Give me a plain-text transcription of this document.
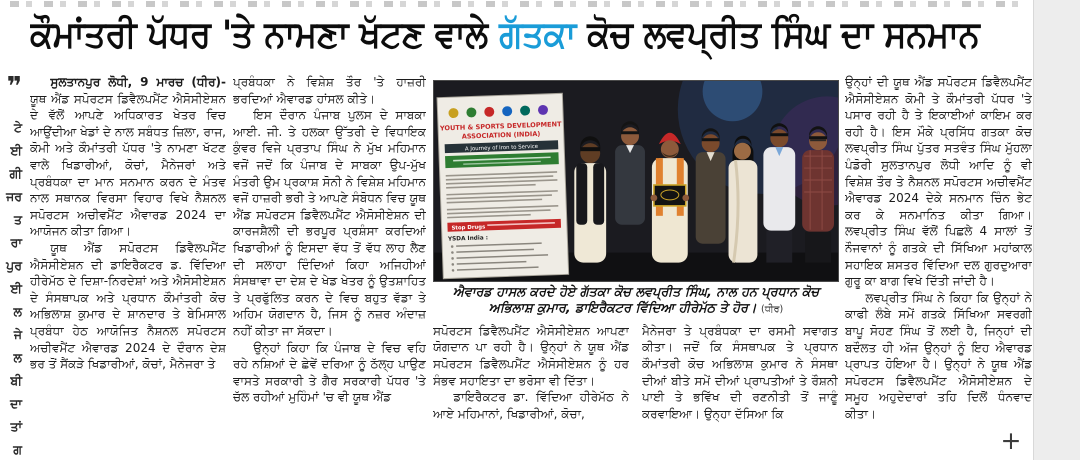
ਕੌਮਾਂਤਰੀ ਪੱਧਰ 'ਤੇ ਨਾਮਣਾ ਖੱਟਣ ਵਾਲੇ ਗੱਤਕਾ ਕੋਚ ਲਵਪ੍ਰੀਤ ਸਿੰਘ ਦਾ ਸਨਮਾਨ
❞
ਟੇ
ਈ
ਗੀ
ਜਰ
ਤ
ਰਾ
ਪੁਰ
ਈ
ਲ
ਜੇ
ਲ
ਬੀ
ਦਾ
ਤਾਂ
ਗ

ਸੁਲਤਾਨਪੁਰ ਲੋਧੀ, 9 ਮਾਰਚ (ਧੀਰ)- ਯੂਥ ਐਂਡ ਸਪੋਰਟਸ ਡਿਵੈਲਪਮੈਂਟ ਐਸੋਸੀਏਸ਼ਨ ਦੇ ਵੱਲੋਂ ਆਪਣੇ ਅਧਿਕਾਰਤ ਖੇਤਰ ਵਿਚ ਆਉਂਦੀਆ ਖੇਡਾਂ ਦੇ ਨਾਲ ਸਬੰਧਤ ਜ਼ਿਲਾ, ਰਾਜ, ਕੋਮੀ ਅਤੇ ਕੌਮਾਂਤਰੀ ਪੱਧਰ 'ਤੇ ਨਾਮਣਾ ਖੱਟਣ ਵਾਲੇ ਖਿਡਾਰੀਆਂ, ਕੋਚਾਂ, ਮੈਨੇਜਰਾਂ ਅਤੇ ਪ੍ਰਬੰਧਕਾ ਦਾ ਮਾਨ ਸਨਮਾਨ ਕਰਨ ਦੇ ਮੰਤਵ ਨਾਲ ਸਥਾਨਕ ਵਿਰਸਾ ਵਿਹਾਰ ਵਿਖੇ ਨੈਸ਼ਨਲ ਸਪੋਰਟਸ ਅਚੀਵਮੈਂਟ ਐਵਾਰਡ 2024 ਦਾ ਆਯੋਜਨ ਕੀਤਾ ਗਿਆ।

ਯੂਥ ਐਂਡ ਸਪੋਰਟਸ ਡਿਵੈਲਪਮੈਂਟ ਐਸੋਸੀਏਸ਼ਨ ਦੀ ਡਾਇਰੈਕਟਰ ਡ. ਵਿੱਦਿਆ ਹੀਰੇਮੱਠ ਦੇ ਦਿਸ਼ਾ-ਨਿਰਦੇਸ਼ਾਂ ਅਤੇ ਐਸੋਸੀਏਸ਼ਨ ਦੇ ਸੰਸਥਾਪਕ ਅਤੇ ਪ੍ਰਧਾਨ ਕੌਮਾਂਤਰੀ ਕੋਚ ਅਭਿਲਾਸ਼ ਕੁਮਾਰ ਦੇ ਸ਼ਾਨਦਾਰ ਤੇ ਬੇਮਿਸਾਲ ਪ੍ਰਬੰਧਾ ਹੇਠ ਆਯੋਜਿਤ ਨੈਸ਼ਨਲ ਸਪੋਰਟਸ ਅਚੀਵਮੈਂਟ ਐਵਾਰਡ 2024 ਦੇ ਦੌਰਾਨ ਦੇਸ਼ ਭਰ ਤੋਂ ਸੈਂਕੜੇ ਖਿਡਾਰੀਆਂ, ਕੋਚਾਂ, ਮੈਨੇਜਰਾ ਤੇ

ਪ੍ਰਬੰਧਕਾ ਨੇ ਵਿਸ਼ੇਸ਼ ਤੌਰ 'ਤੇ ਹਾਜ਼ਰੀ ਭਰਦਿਆਂ ਐਵਾਰਡ ਹਾਂਸਲ ਕੀਤੇ।

ਇਸ ਦੌਰਾਨ ਪੰਜਾਬ ਪੁਲਸ ਦੇ ਸਾਬਕਾ ਆਈ. ਜੀ. ਤੇ ਹਲਕਾ ਉੱਤਰੀ ਦੇ ਵਿਧਾਇਕ ਕੁੰਵਰ ਵਿਜੇ ਪ੍ਰਤਾਪ ਸਿੰਘ ਨੇ ਮੁੱਖ ਮਹਿਮਾਨ ਵਜੋਂ ਜਦੋਂ ਕਿ ਪੰਜਾਬ ਦੇ ਸਾਬਕਾ ਉਪ-ਮੁੱਖ ਮੰਤਰੀ ਉਮ ਪ੍ਰਕਾਸ਼ ਸੋਨੀ ਨੇ ਵਿਸ਼ੇਸ਼ ਮਹਿਮਾਨ ਵਜੋਂ ਹਾਜ਼ਰੀ ਭਰੀ ਤੇ ਆਪਣੇ ਸੰਬੋਧਨ ਵਿਚ ਯੂਥ ਐਂਡ ਸਪੋਰਟਸ ਡਿਵੈਲਪਮੈਂਟ ਐਸੋਸੀਏਸ਼ਨ ਦੀ ਕਾਰਜਸ਼ੈਲੀ ਦੀ ਭਰਪੂਰ ਪ੍ਰਸ਼ੰਸਾ ਕਰਦਿਆਂ ਖਿਡਾਰੀਆਂ ਨੂੰ ਇਸਦਾ ਵੱਧ ਤੋਂ ਵੱਧ ਲਾਹ ਲੈਣ ਦੀ ਸਲਾਹਾ ਦਿੰਦਿਆਂ ਕਿਹਾ ਅਜਿਹੀਆਂ ਸੰਸਥਾਵਾ ਦਾ ਦੇਸ਼ ਦੇ ਖੇਡ ਖੇਤਰ ਨੂੰ ਉਤਸ਼ਾਹਿਤ ਤੇ ਪ੍ਰਫੁੱਲਿਤ ਕਰਨ ਦੇ ਵਿਚ ਬਹੁਤ ਵੱਡਾ ਤੇ ਅਹਿਮ ਯੋਗਦਾਨ ਹੈ, ਜਿਸ ਨੂੰ ਨਜ਼ਰ ਅੰਦਾਜ਼ ਨਹੀਂ ਕੀਤਾ ਜਾ ਸੱਕਦਾ।

ਉਨ੍ਹਾਂ ਕਿਹਾ ਕਿ ਪੰਜਾਬ ਦੇ ਵਿਚ ਵਹਿ ਰਹੇ ਨਸ਼ਿਆਂ ਦੇ ਛੇਵੇਂ ਦਰਿਆ ਨੂੰ ਠੱਲ੍ਹ ਪਾਉਣ ਵਾਸਤੇ ਸਰਕਾਰੀ ਤੇ ਗੈਰ ਸਰਕਾਰੀ ਪੱਧਰ 'ਤੇ ਚੱਲ ਰਹੀਆਂ ਮੁਹਿੰਮਾਂ 'ਚ ਵੀ ਯੂਥ ਐਂਡ

YOUTH & SPORTS DEVELOPMENT
ASSOCIATION (INDIA)
A Journey of Iron to Service
Stop Drugs
YSDA India :
ਐਵਾਰਡ ਹਾਸਲ ਕਰਦੇ ਹੋਏ ਗੱਤਕਾ ਕੋਚ ਲਵਪ੍ਰੀਤ ਸਿੰਘ, ਨਾਲ ਹਨ ਪ੍ਰਧਾਨ ਕੋਚ ਅਭਿਲਾਸ਼ ਕੁਮਾਰ, ਡਾਇਰੈਕਟਰ ਵਿੱਦਿਆ ਹੀਰੇਮੱਠ ਤੇ ਹੋਰ। (ਧੀਰ)

ਸਪੋਰਟਸ ਡਿਵੈਲਪਮੈਂਟ ਐਸੋਸੀਏਸ਼ਨ ਆਪਣਾ ਯੋਗਦਾਨ ਪਾ ਰਹੀ ਹੈ। ਉਨ੍ਹਾਂ ਨੇ ਯੂਥ ਐਂਡ ਸਪੋਰਟਸ ਡਿਵੈਲਪਮੈਂਟ ਐਸੋਸੀਏਸ਼ਨ ਨੂੰ ਹਰ ਸੰਭਵ ਸਹਾਇਤਾ ਦਾ ਭਰੋਸਾ ਵੀ ਦਿੱਤਾ।

ਡਾਇਰੈਕਟਰ ਡਾ. ਵਿੱਦਿਆ ਹੀਰੇਮੱਠ ਨੇ ਆਏ ਮਹਿਮਾਨਾਂ, ਖਿਡਾਰੀਆਂ, ਕੋਚਾ,

ਮੈਨੇਜਰਾ ਤੇ ਪ੍ਰਬੰਧਕਾ ਦਾ ਰਸਮੀ ਸਵਾਗਤ ਕੀਤਾ। ਜਦੋਂ ਕਿ ਸੰਸਥਾਪਕ ਤੇ ਪ੍ਰਧਾਨ ਕੌਮਾਂਤਰੀ ਕੋਚ ਅਭਿਲਾਸ਼ ਕੁਮਾਰ ਨੇ ਸੰਸਥਾ ਦੀਆਂ ਬੀਤੇ ਸਮੇਂ ਦੀਆਂ ਪ੍ਰਾਪਤੀਆਂ ਤੇ ਰੌਸ਼ਨੀ ਪਾਈ ਤੇ ਭਵਿੱਖ ਦੀ ਰਣਨੀਤੀ ਤੋਂ ਜਾਣੂੰ ਕਰਵਾਇਆ। ਉਨ੍ਹਾ ਦੱਸਿਆ ਕਿ

ਉਨ੍ਹਾਂ ਦੀ ਯੂਥ ਐਂਡ ਸਪੋਰਟਸ ਡਿਵੈਲਪਮੈਂਟ ਐਸੋਸੀਏਸ਼ਨ ਕੋਮੀ ਤੇ ਕੌਮਾਂਤਰੀ ਪੱਧਰ 'ਤੇ ਪਸਾਰ ਰਹੀ ਹੈ ਤੇ ਇਕਾਈਆਂ ਕਾਇਮ ਕਰ ਰਹੀ ਹੈ। ਇਸ ਮੌਕੇ ਪ੍ਰਸਿੱਧ ਗਤਕਾ ਕੋਚ ਲਵਪ੍ਰੀਤ ਸਿੰਘ ਪੁੱਤਰ ਸਤਵੰਤ ਸਿੰਘ ਮੁੱਹਲਾ ਪੰਡੋਰੀ ਸੁਲਤਾਨਪੁਰ ਲੋਧੀ ਆਦਿ ਨੂੰ ਵੀ ਵਿਸ਼ੇਸ਼ ਤੌਰ ਤੇ ਨੈਸ਼ਨਲ ਸਪੋਰਟਸ ਅਚੀਵਮੈਂਟ ਐਵਾਰਡ 2024 ਦੇਕੇ ਸਨਮਾਨ ਚਿੰਨ ਭੇਟ ਕਰ ਕੇ ਸਨਮਾਨਿਤ ਕੀਤਾ ਗਿਆ। ਲਵਪ੍ਰੀਤ ਸਿੰਘ ਵੱਲੋਂ ਪਿਛਲੇ 4 ਸਾਲਾਂ ਤੋਂ ਨੌਜਵਾਨਾਂ ਨੂੰ ਗਤਕੇ ਦੀ ਸਿੱਖਿਆ ਮਹਾਂਕਾਲ ਸਹਾਇਕ ਸ਼ਸਤਰ ਵਿੱਦਿਆ ਦਲ ਗੁਰਦੁਆਰਾ ਗੁਰੂ ਕਾ ਬਾਗ ਵਿਖੇ ਦਿੱਤੀ ਜਾਂਦੀ ਹੈ।

ਲਵਪ੍ਰੀਤ ਸਿੰਘ ਨੇ ਕਿਹਾ ਕਿ ਉਨ੍ਹਾਂ ਨੇ ਕਾਫੀ ਲੰਬੇ ਸਮੇਂ ਗਤਕੇ ਸਿੱਖਿਆ ਸਵਰਗੀ ਬਾਪੂ ਸੋਹਣ ਸਿੰਘ ਤੋਂ ਲਈ ਹੈ, ਜਿਨ੍ਹਾਂ ਦੀ ਬਦੌਲਤ ਹੀ ਅੱਜ ਉਨ੍ਹਾਂ ਨੂੰ ਇਹ ਐਵਾਰਡ ਪ੍ਰਾਪਤ ਹੋਇਆ ਹੈ। ਉਨ੍ਹਾਂ ਨੇ ਯੂਥ ਐਂਡ ਸਪੋਰਟਸ ਡਿਵੈਲਪਮੈਂਟ ਐਸੋਸੀਏਸ਼ਨ ਦੇ ਸਮੂਹ ਅਹੁਦੇਦਾਰਾਂ ਤਹਿ ਦਿਲੋਂ ਧੰਨਵਾਦ ਕੀਤਾ।

+
